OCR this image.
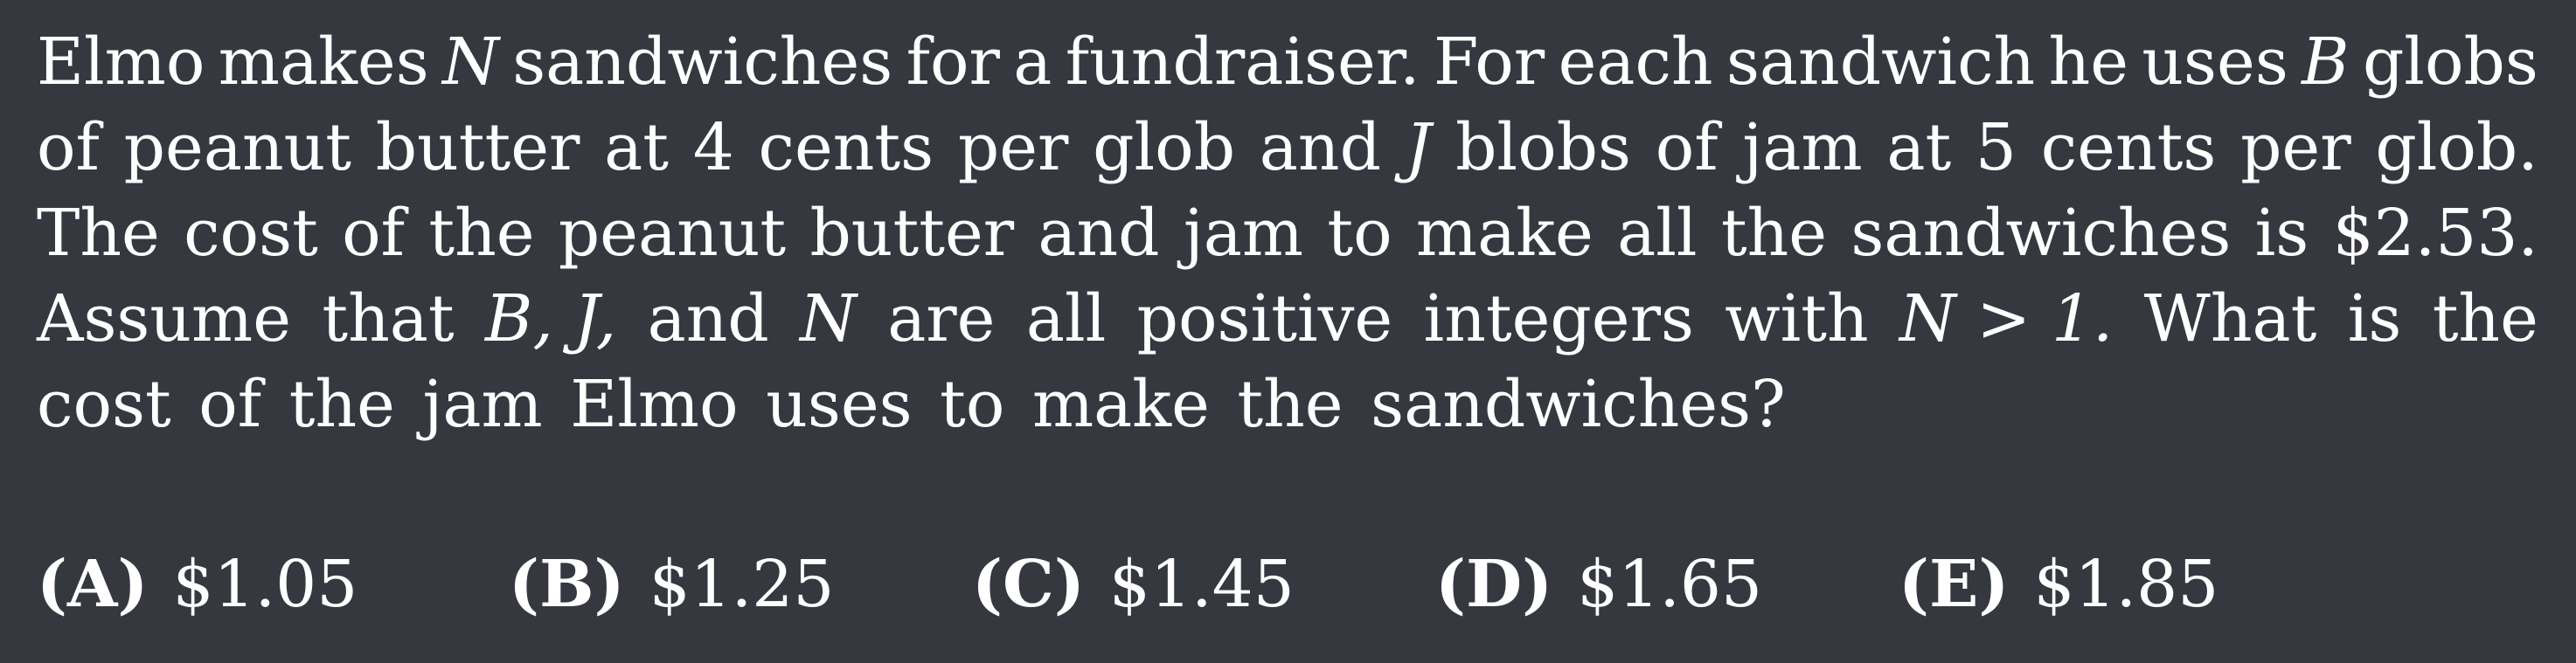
Elmo makes N sandwiches for a fundraiser. For each sandwich he uses B globs
of peanut butter at 4 cents per glob and J blobs of jam at 5 cents per glob.
The cost of the peanut butter and jam to make all the sandwiches is $2.53.
Assume that B, J, and N are all positive integers with N > 1. What is the
cost
of
the
jam
Elmo
uses
to
make
the
sandwiches?
(A) $1.05 (B) $1.25 (C) $1.45 (D) $1.65 (E) $1.85
